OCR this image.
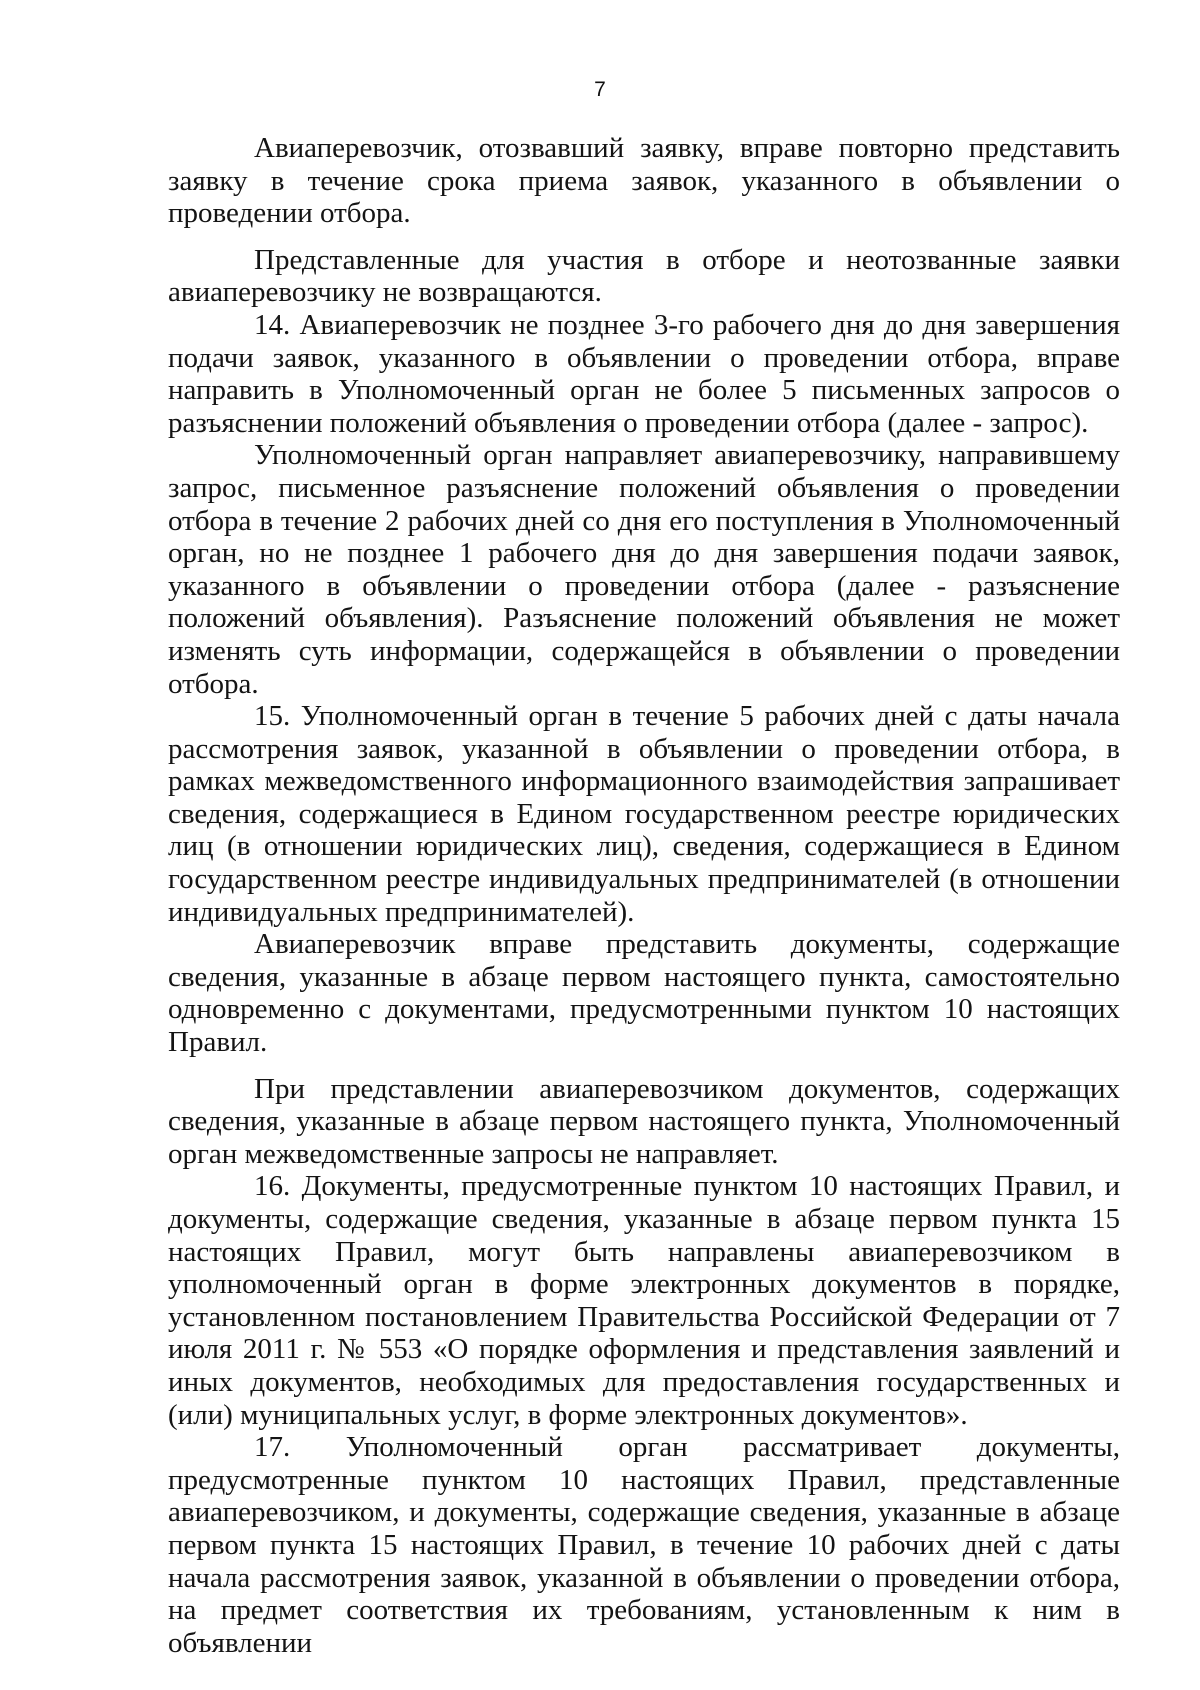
7

Авиаперевозчик, отозвавший заявку, вправе повторно представить заявку в течение срока приема заявок, указанного в объявлении о проведении отбора.

Представленные для участия в отборе и неотозванные заявки авиаперевозчику не возвращаются.

14. Авиаперевозчик не позднее 3-го рабочего дня до дня завершения подачи заявок, указанного в объявлении о проведении отбора, вправе направить в Уполномоченный орган не более 5 письменных запросов о разъяснении положений объявления о проведении отбора (далее - запрос).

Уполномоченный орган направляет авиаперевозчику, направившему запрос, письменное разъяснение положений объявления о проведении отбора в течение 2 рабочих дней со дня его поступления в Уполномоченный орган, но не позднее 1 рабочего дня до дня завершения подачи заявок, указанного в объявлении о проведении отбора (далее - разъяснение положений объявления). Разъяснение положений объявления не может изменять суть информации, содержащейся в объявлении о проведении отбора.

15. Уполномоченный орган в течение 5 рабочих дней с даты начала рассмотрения заявок, указанной в объявлении о проведении отбора, в рамках межведомственного информационного взаимодействия запрашивает сведения, содержащиеся в Едином государственном реестре юридических лиц (в отношении юридических лиц), сведения, содержащиеся в Едином государственном реестре индивидуальных предпринимателей (в отношении индивидуальных предпринимателей).

Авиаперевозчик вправе представить документы, содержащие сведения, указанные в абзаце первом настоящего пункта, самостоятельно одновременно с документами, предусмотренными пунктом 10 настоящих Правил.

При представлении авиаперевозчиком документов, содержащих сведения, указанные в абзаце первом настоящего пункта, Уполномоченный орган межведомственные запросы не направляет.

16. Документы, предусмотренные пунктом 10 настоящих Правил, и документы, содержащие сведения, указанные в абзаце первом пункта 15 настоящих Правил, могут быть направлены авиаперевозчиком в уполномоченный орган в форме электронных документов в порядке, установленном постановлением Правительства Российской Федерации от 7 июля 2011 г. № 553 «О порядке оформления и представления заявлений и иных документов, необходимых для предоставления государственных и (или) муниципальных услуг, в форме электронных документов».

17. Уполномоченный орган рассматривает документы, предусмотренные пунктом 10 настоящих Правил, представленные авиаперевозчиком, и документы, содержащие сведения, указанные в абзаце первом пункта 15 настоящих Правил, в течение 10 рабочих дней с даты начала рассмотрения заявок, указанной в объявлении о проведении отбора, на предмет соответствия их требованиям, установленным к ним в объявлении
